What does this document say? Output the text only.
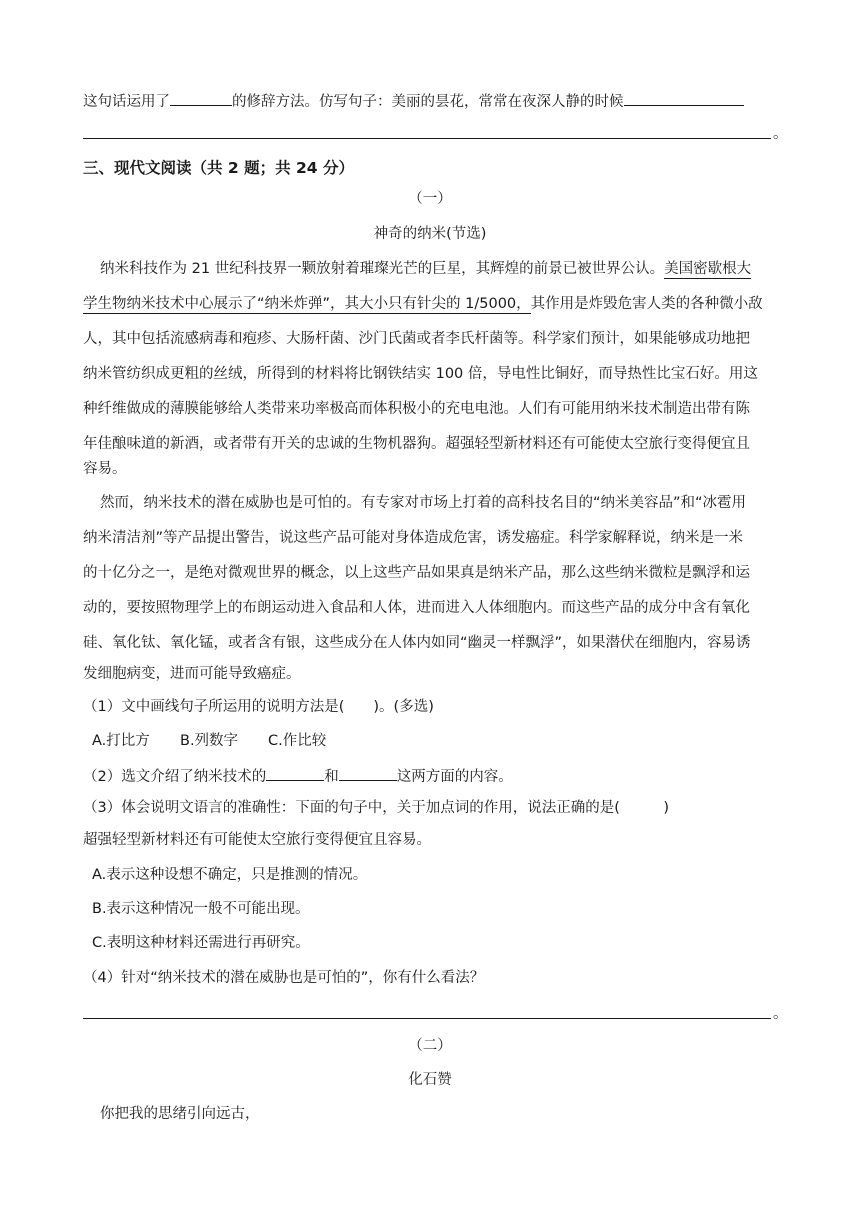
这句话运用了	的修辞方法。仿写句子：美丽的昙花，常常在夜深人静的时候
。
三、现代文阅读（共 2 题；共 24 分）
（一）
神奇的纳米(节选)
纳米科技作为 21 世纪科技界一颗放射着璀璨光芒的巨星，其辉煌的前景已被世界公认。美国密歇根大
学生物纳米技术中心展示了“纳米炸弹”，其大小只有针尖的 1/5000，其作用是炸毁危害人类的各种微小敌
人，其中包括流感病毒和疱疹、大肠杆菌、沙门氏菌或者李氏杆菌等。科学家们预计，如果能够成功地把
纳米管纺织成更粗的丝绒，所得到的材料将比钢铁结实 100 倍，导电性比铜好，而导热性比宝石好。用这
种纤维做成的薄膜能够给人类带来功率极高而体积极小的充电电池。人们有可能用纳米技术制造出带有陈
年佳酿味道的新酒，或者带有开关的忠诚的生物机器狗。超强轻型新材料还有可能使太空旅行变得便宜且
容易。
然而，纳米技术的潜在威胁也是可怕的。有专家对市场上打着的高科技名目的“纳米美容品”和“冰雹用
纳米清洁剂”等产品提出警告，说这些产品可能对身体造成危害，诱发癌症。科学家解释说，纳米是一米
的十亿分之一，是绝对微观世界的概念，以上这些产品如果真是纳米产品，那么这些纳米微粒是飘浮和运
动的，要按照物理学上的布朗运动进入食品和人体，进而进入人体细胞内。而这些产品的成分中含有氧化
硅、氧化钛、氧化锰，或者含有银，这些成分在人体内如同“幽灵一样飘浮”，如果潜伏在细胞内，容易诱
发细胞病变，进而可能导致癌症。
（1）文中画线句子所运用的说明方法是(　　)。(多选)
A.打比方 B.列数字 C.作比较
（2）选文介绍了纳米技术的	和	这两方面的内容。
（3）体会说明文语言的准确性：下面的句子中，关于加点词的作用，说法正确的是(　　　)
超强轻型新材料还有可能使太空旅行变得便宜且容易。
A.表示这种设想不确定，只是推测的情况。
B.表示这种情况一般不可能出现。
C.表明这种材料还需进行再研究。
（4）针对“纳米技术的潜在威胁也是可怕的”，你有什么看法？
。
（二）
化石赞
你把我的思绪引向远古，
